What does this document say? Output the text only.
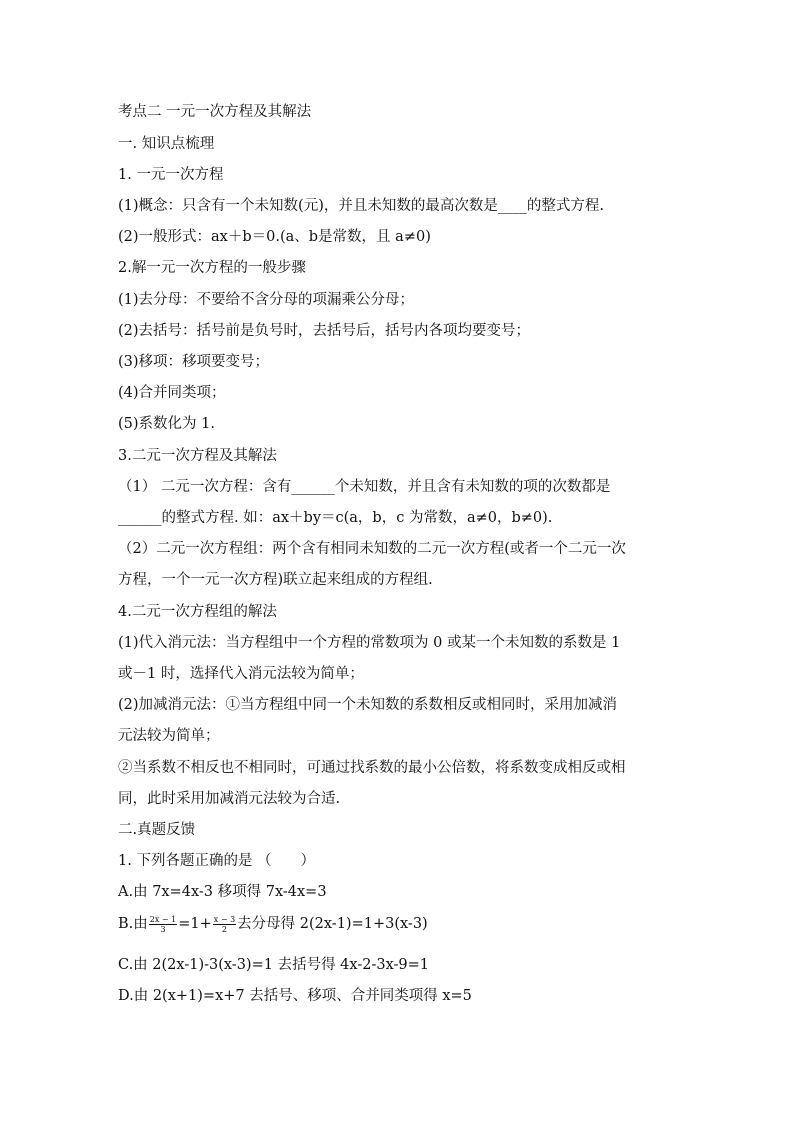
考点二 一元一次方程及其解法
一. 知识点梳理
1. 一元一次方程
(1)概念：只含有一个未知数(元)，并且未知数的最高次数是____的整式方程.
(2)一般形式：ax＋b＝0.(a、b是常数，且 a≠0)
2.解一元一次方程的一般步骤
(1)去分母：不要给不含分母的项漏乘公分母；
(2)去括号：括号前是负号时，去括号后，括号内各项均要变号；
(3)移项：移项要变号；
(4)合并同类项；
(5)系数化为 1.
3.二元一次方程及其解法
（1） 二元一次方程：含有______个未知数，并且含有未知数的项的次数都是
______的整式方程. 如：ax＋by＝c(a，b，c 为常数，a≠0，b≠0).
（2）二元一次方程组：两个含有相同未知数的二元一次方程(或者一个二元一次
方程，一个一元一次方程)联立起来组成的方程组.
4.二元一次方程组的解法
(1)代入消元法：当方程组中一个方程的常数项为 0 或某一个未知数的系数是 1
或－1 时，选择代入消元法较为简单；
(2)加减消元法：①当方程组中同一个未知数的系数相反或相同时，采用加减消
元法较为简单；
②当系数不相反也不相同时，可通过找系数的最小公倍数，将系数变成相反或相
同，此时采用加减消元法较为合适.
二.真题反馈
1. 下列各题正确的是 （　　）
A.由 7x=4x-3 移项得 7x-4x=3
B.由 $\frac{2x - 1}{3} =1+ \frac{x - 3}{2}$ 去分母得 2(2x-1)=1+3(x-3)
C.由 2(2x-1)-3(x-3)=1 去括号得 4x-2-3x-9=1
D.由 2(x+1)=x+7 去括号、移项、合并同类项得 x=5
